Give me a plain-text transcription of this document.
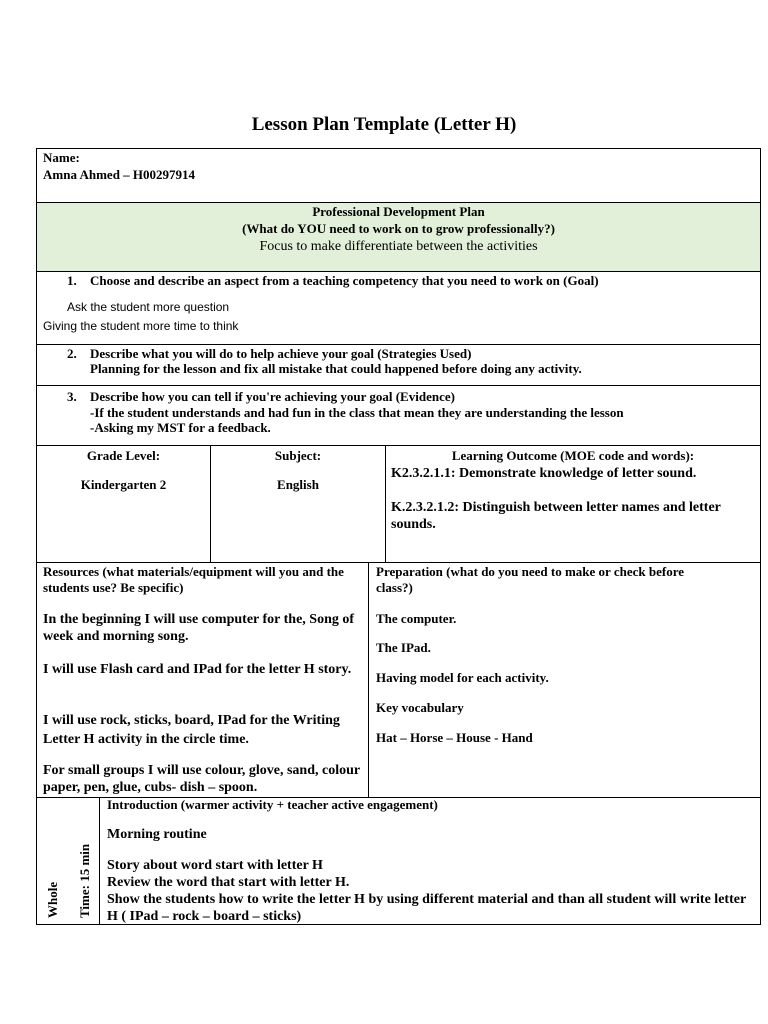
Lesson Plan Template (Letter H)
Name:
Amna Ahmed – H00297914
Professional Development Plan
(What do YOU need to work on to grow professionally?)
Focus to make differentiate between the activities
1. Choose and describe an aspect from a teaching competency that you need to work on (Goal)
Ask the student more question
Giving the student more time to think
2. Describe what you will do to help achieve your goal (Strategies Used)
Planning for the lesson and fix all mistake that could happened before doing any activity.
3. Describe how you can tell if you're achieving your goal (Evidence)
-If the student understands and had fun in the class that mean they are understanding the lesson
-Asking my MST for a feedback.
Grade Level:
Kindergarten 2
Subject:
English
Learning Outcome (MOE code and words):
K2.3.2.1.1: Demonstrate knowledge of letter sound.
K.2.3.2.1.2: Distinguish between letter names and letter sounds.
Resources (what materials/equipment will you and the students use? Be specific)
In the beginning I will use computer for the, Song of week and morning song.
I will use Flash card and IPad for the letter H story.
I will use rock, sticks, board, IPad for the Writing Letter H activity in the circle time.
For small groups I will use colour, glove, sand, colour paper, pen, glue, cubs- dish – spoon.
Preparation (what do you need to make or check before class?)
The computer.
The IPad.
Having model for each activity.
Key vocabulary
Hat – Horse – House - Hand
Whole Time: 15 min
Introduction (warmer activity + teacher active engagement)
Morning routine
Story about word start with letter H
Review the word that start with letter H.
Show the students how to write the letter H by using different material and than all student will write letter H ( IPad – rock – board – sticks)
